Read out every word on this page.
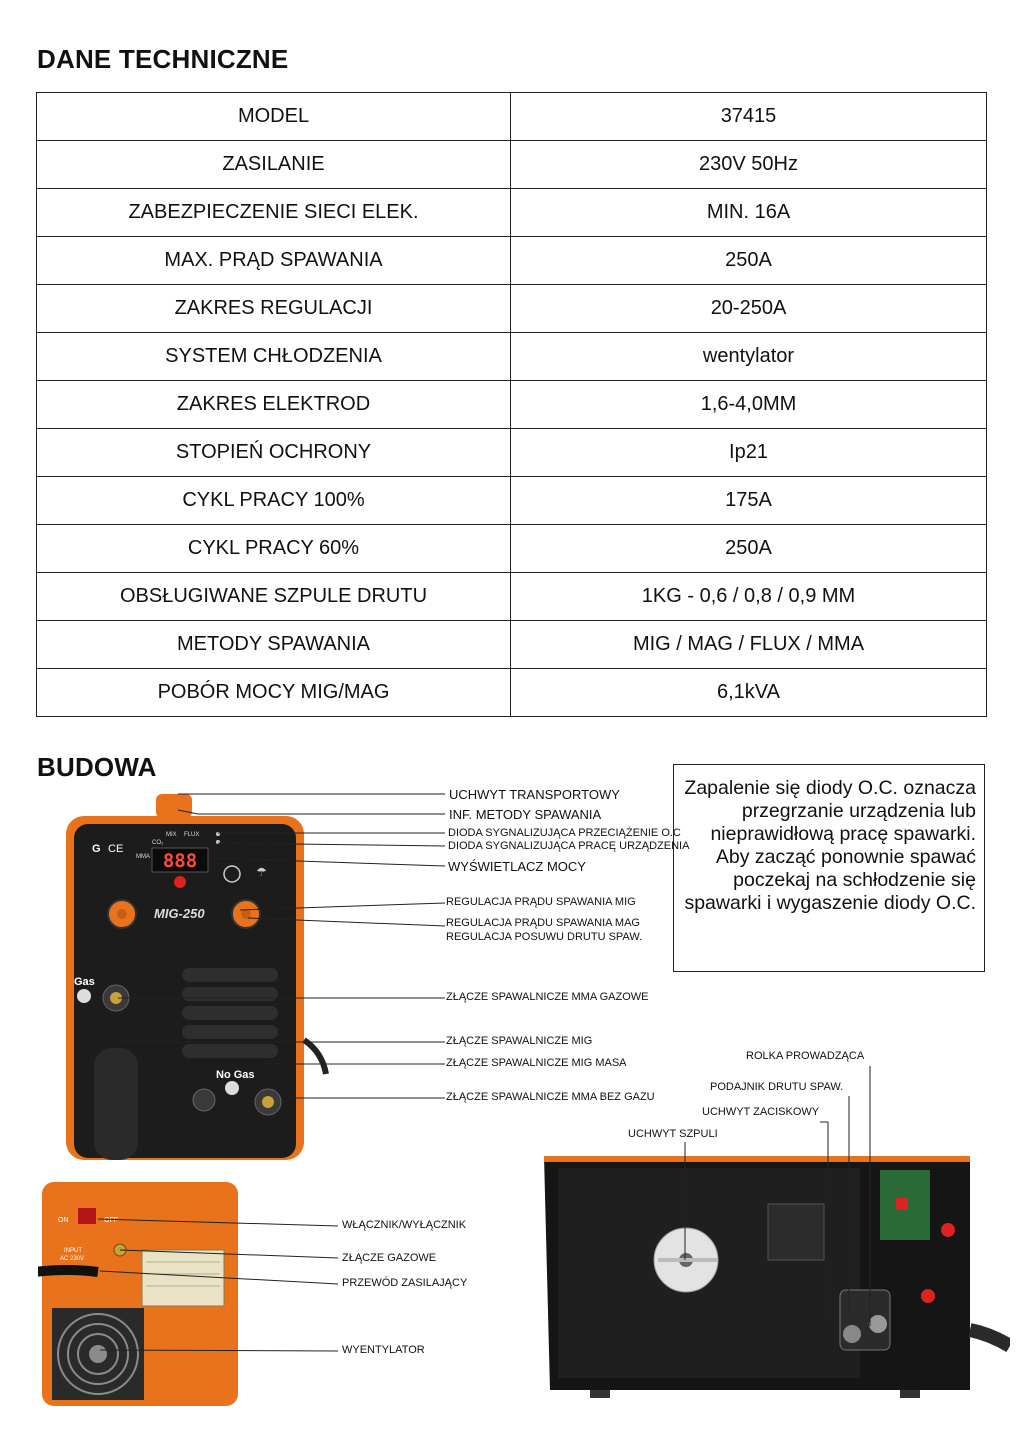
DANE TECHNICZNE
MODEL	37415
ZASILANIE	230V 50Hz
ZABEZPIECZENIE SIECI ELEK.	MIN. 16A
MAX. PRĄD SPAWANIA	250A
ZAKRES REGULACJI	20-250A
SYSTEM CHŁODZENIA	wentylator
ZAKRES ELEKTROD	1,6-4,0MM
STOPIEŃ OCHRONY	Ip21
CYKL PRACY 100%	175A
CYKL PRACY 60%	250A
OBSŁUGIWANE SZPULE DRUTU	1KG - 0,6 / 0,8 / 0,9 MM
METODY SPAWANIA	MIG / MAG / FLUX / MMA
POBÓR MOCY MIG/MAG	6,1kVA
BUDOWA
Zapalenie się diody O.C. oznacza przegrzanie urządzenia lub nieprawidłową pracę spawarki. Aby zacząć ponownie spawać poczekaj na schłodzenie się spawarki i wygaszenie diody O.C.
888
G CE
MIX FLUX
CO₂
MMA
☂
MIG-250
Gas
No Gas
ON	OFF
INPUT
AC 230V
UCHWYT TRANSPORTOWY
INF. METODY SPAWANIA
DIODA SYGNALIZUJĄCA PRZECIĄŻENIE O.C
DIODA SYGNALIZUJĄCA PRACĘ URZĄDZENIA
WYŚWIETLACZ MOCY
REGULACJA PRĄDU SPAWANIA MIG
REGULACJA PRĄDU SPAWANIA MAG
REGULACJA POSUWU DRUTU SPAW.
ZŁĄCZE SPAWALNICZE MMA GAZOWE
ZŁĄCZE SPAWALNICZE MIG
ZŁĄCZE SPAWALNICZE MIG MASA
ZŁĄCZE SPAWALNICZE MMA BEZ GAZU
WŁĄCZNIK/WYŁĄCZNIK
ZŁĄCZE GAZOWE
PRZEWÓD ZASILAJĄCY
WYENTYLATOR
ROLKA PROWADZĄCA
PODAJNIK DRUTU SPAW.
UCHWYT ZACISKOWY
UCHWYT SZPULI
